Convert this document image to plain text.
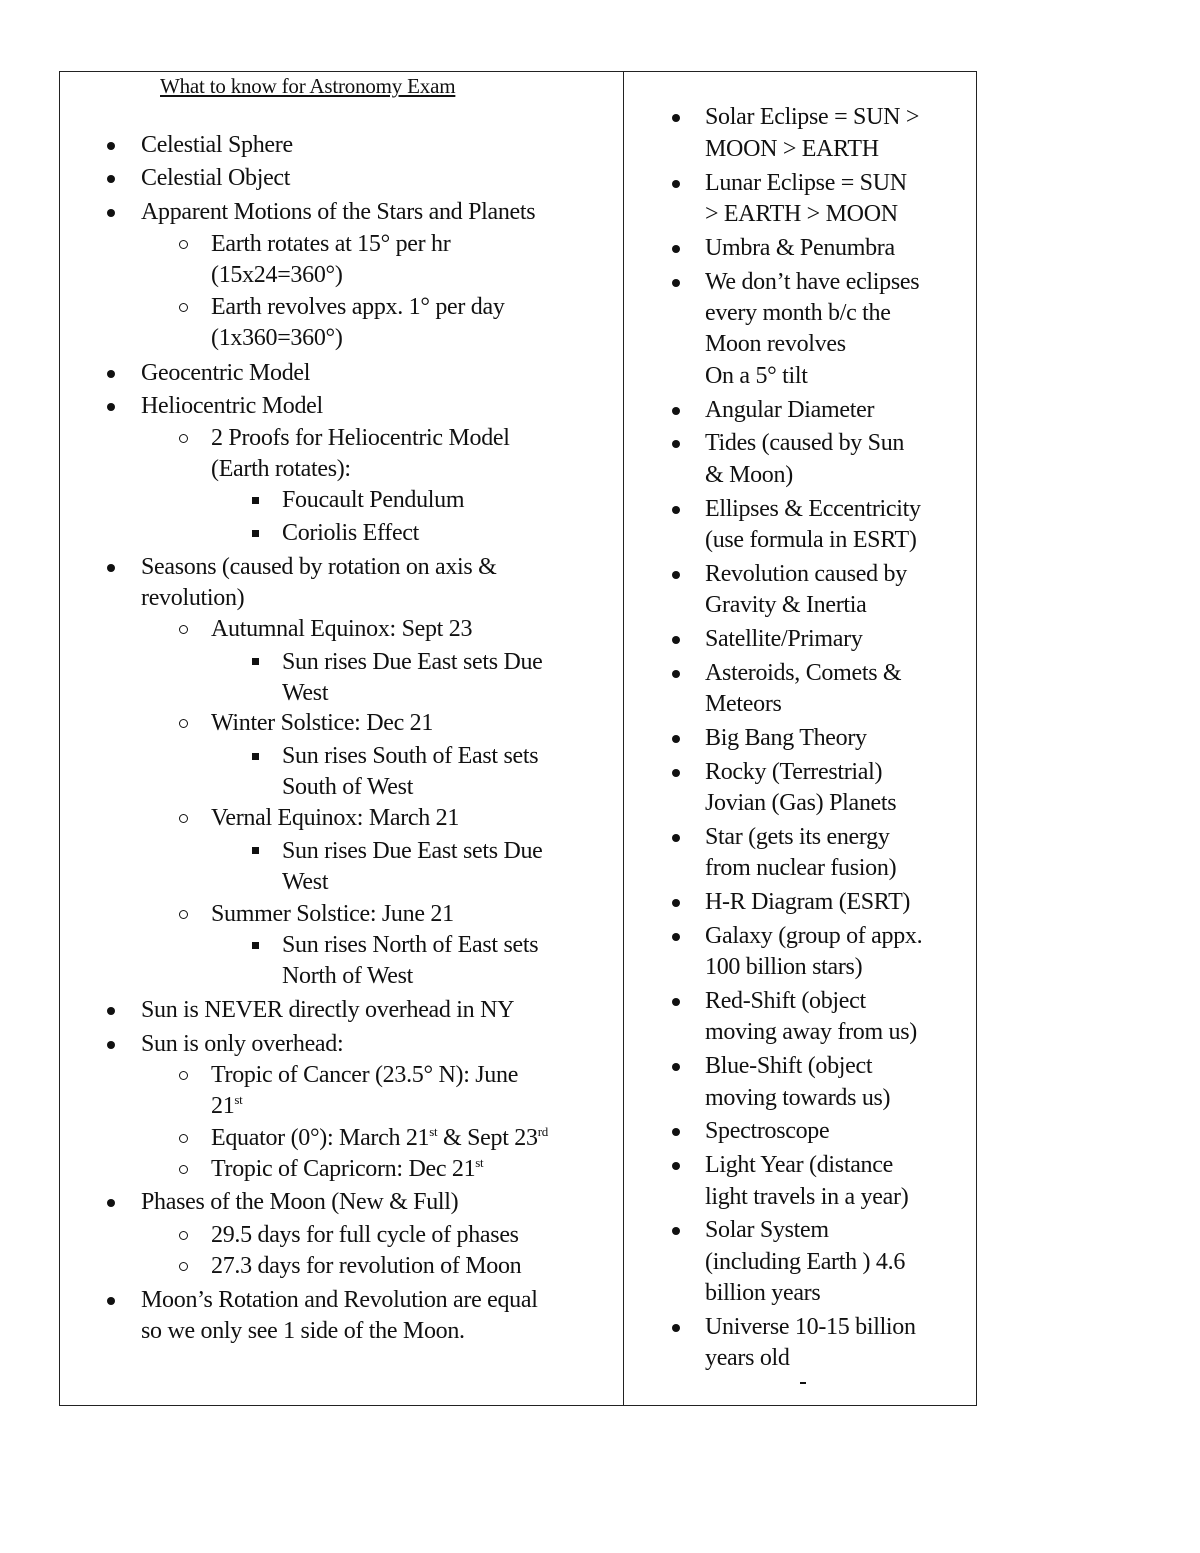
What to know for Astronomy Exam
Celestial Sphere
Celestial Object
Apparent Motions of the Stars and Planets
Earth rotates at 15° per hr
(15x24=360°)
Earth revolves appx. 1° per day
(1x360=360°)
Geocentric Model
Heliocentric Model
2 Proofs for Heliocentric Model
(Earth rotates):
Foucault Pendulum
Coriolis Effect
Seasons (caused by rotation on axis &
revolution)
Autumnal Equinox: Sept 23
Sun rises Due East sets Due
West
Winter Solstice: Dec 21
Sun rises South of East sets
South of West
Vernal Equinox: March 21
Sun rises Due East sets Due
West
Summer Solstice: June 21
Sun rises North of East sets
North of West
Sun is NEVER directly overhead in NY
Sun is only overhead:
Tropic of Cancer (23.5° N): June
21st
Equator (0°): March 21st & Sept 23rd
Tropic of Capricorn: Dec 21st
Phases of the Moon (New & Full)
29.5 days for full cycle of phases
27.3 days for revolution of Moon
Moon’s Rotation and Revolution are equal
so we only see 1 side of the Moon.
Solar Eclipse = SUN >
MOON > EARTH
Lunar Eclipse = SUN
> EARTH > MOON
Umbra & Penumbra
We don’t have eclipses
every month b/c the
Moon revolves
On a 5° tilt
Angular Diameter
Tides (caused by Sun
& Moon)
Ellipses & Eccentricity
(use formula in ESRT)
Revolution caused by
Gravity & Inertia
Satellite/Primary
Asteroids, Comets &
Meteors
Big Bang Theory
Rocky (Terrestrial)
Jovian (Gas) Planets
Star (gets its energy
from nuclear fusion)
H-R Diagram (ESRT)
Galaxy (group of appx.
100 billion stars)
Red-Shift (object
moving away from us)
Blue-Shift (object
moving towards us)
Spectroscope
Light Year (distance
light travels in a year)
Solar System
(including Earth ) 4.6
billion years
Universe 10-15 billion
years old
